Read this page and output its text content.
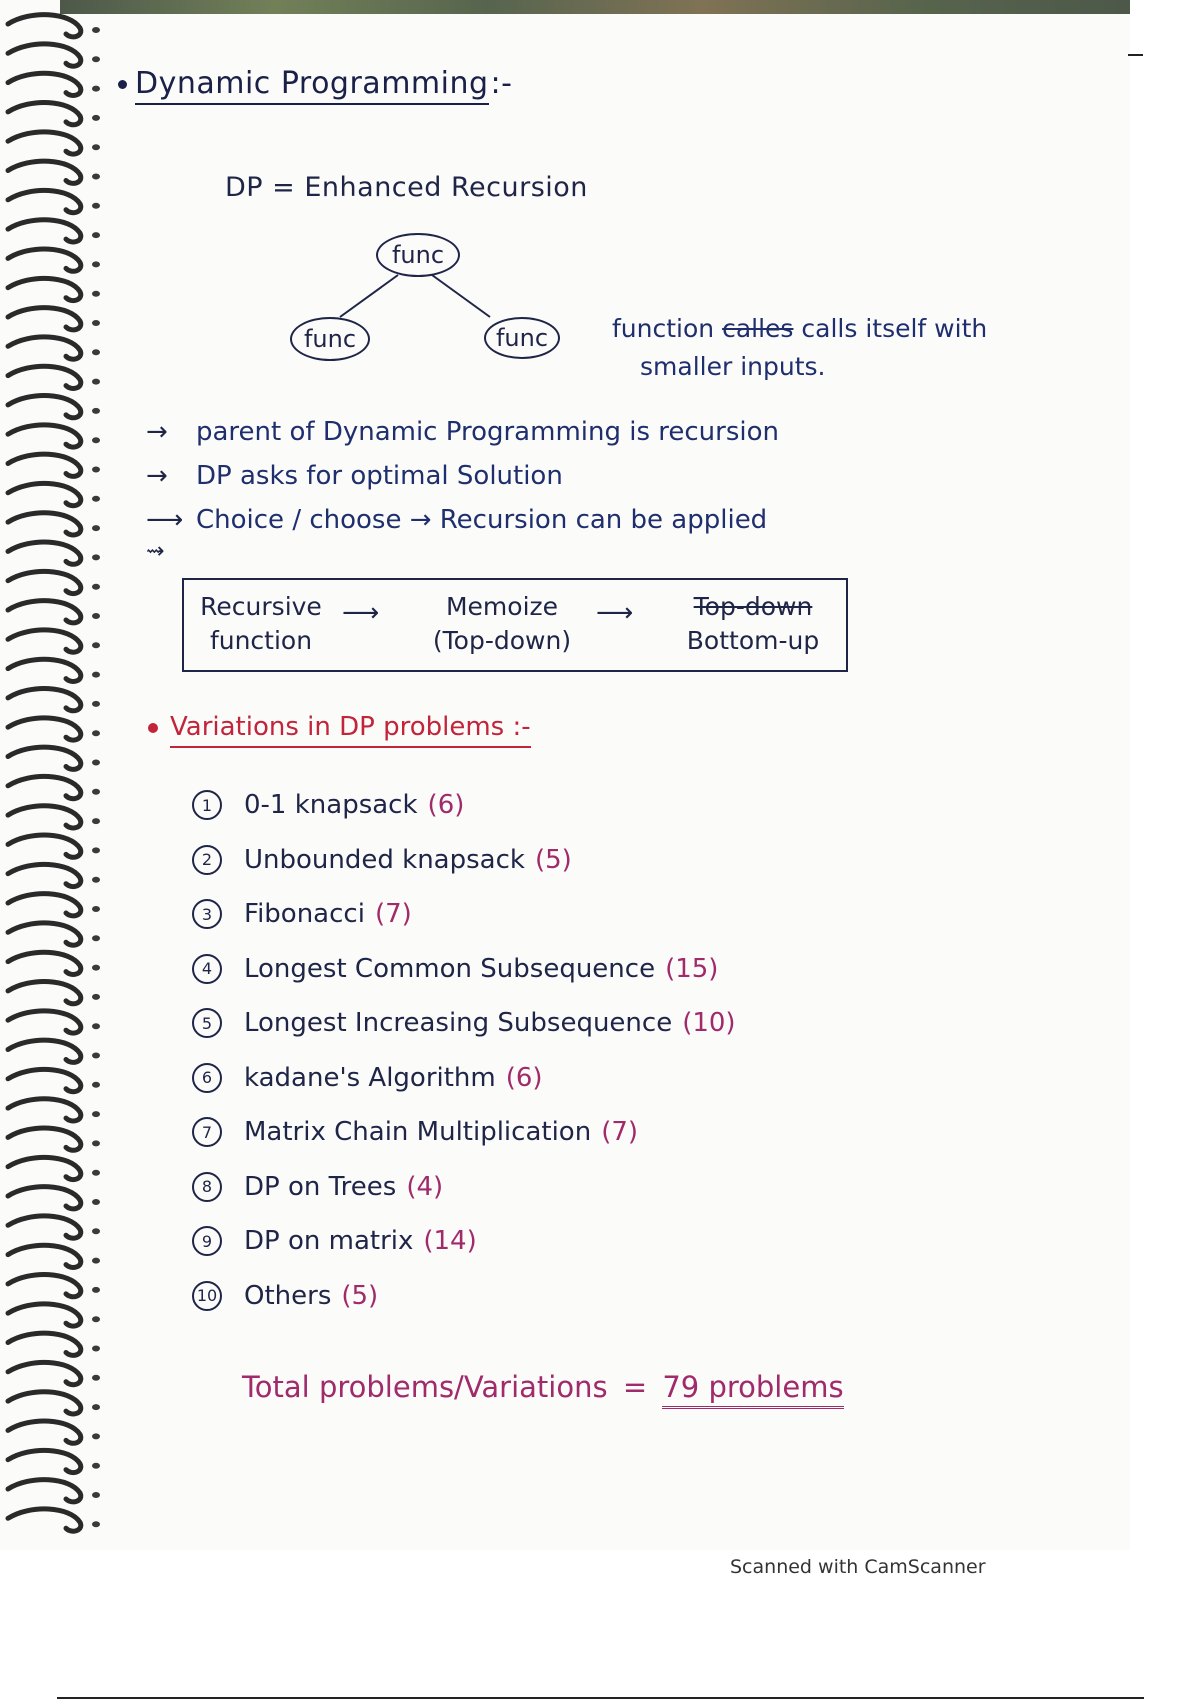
Dynamic Programming:-
DP = Enhanced Recursion
func
func	func	function calles calls itself with
smaller inputs.
→ parent of Dynamic Programming is recursion
→ DP asks for optimal Solution
⟶ Choice / choose → Recursion can be applied
⇝
Recursive
function
⟶	Memoize
(Top-down)
⟶	Top-down
Bottom-up
Variations in DP problems :-
1	0-1 knapsack (6)
2	Unbounded knapsack (5)
3	Fibonacci (7)
4	Longest Common Subsequence (15)
5	Longest Increasing Subsequence (10)
6	kadane's Algorithm (6)
7	Matrix Chain Multiplication (7)
8	DP on Trees (4)
9	DP on matrix (14)
10 Others (5)
Total problems/Variations = 79 problems
Scanned with CamScanner
